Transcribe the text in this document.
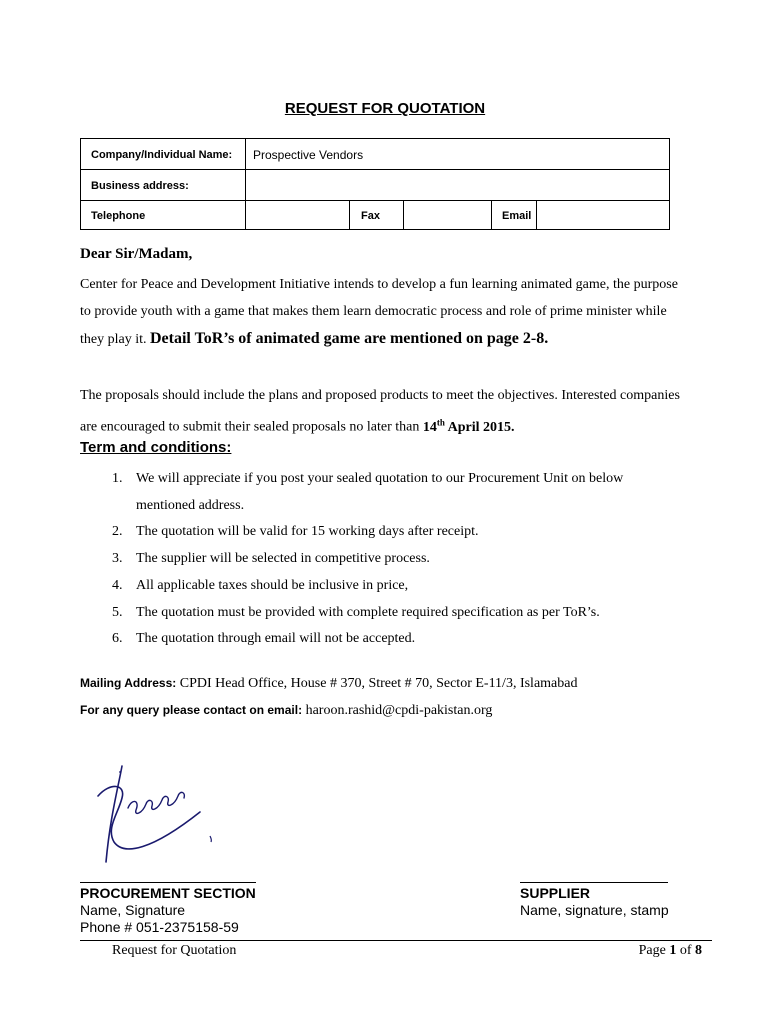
REQUEST FOR QUOTATION
Company/Individual Name: Prospective Vendors
Business address:
Telephone	Fax	Email
Dear Sir/Madam,
Center for Peace and Development Initiative intends to develop a fun learning animated game, the purpose to provide youth with a game that makes them learn democratic process and role of prime minister while they play it. Detail ToR’s of animated game are mentioned on page 2-8.
The proposals should include the plans and proposed products to meet the objectives. Interested companies are encouraged to submit their sealed proposals no later than 14th April 2015.
Term and conditions:
1. We will appreciate if you post your sealed quotation to our Procurement Unit on below mentioned address.
2. The quotation will be valid for 15 working days after receipt.
3. The supplier will be selected in competitive process.
4. All applicable taxes should be inclusive in price,
5. The quotation must be provided with complete required specification as per ToR’s.
6. The quotation through email will not be accepted.
Mailing Address: CPDI Head Office, House # 370, Street # 70, Sector E-11/3, Islamabad
For any query please contact on email: haroon.rashid@cpdi-pakistan.org
PROCUREMENT SECTION
Name, Signature
Phone # 051-2375158-59
SUPPLIER
Name, signature, stamp
Request for Quotation	Page 1 of 8
